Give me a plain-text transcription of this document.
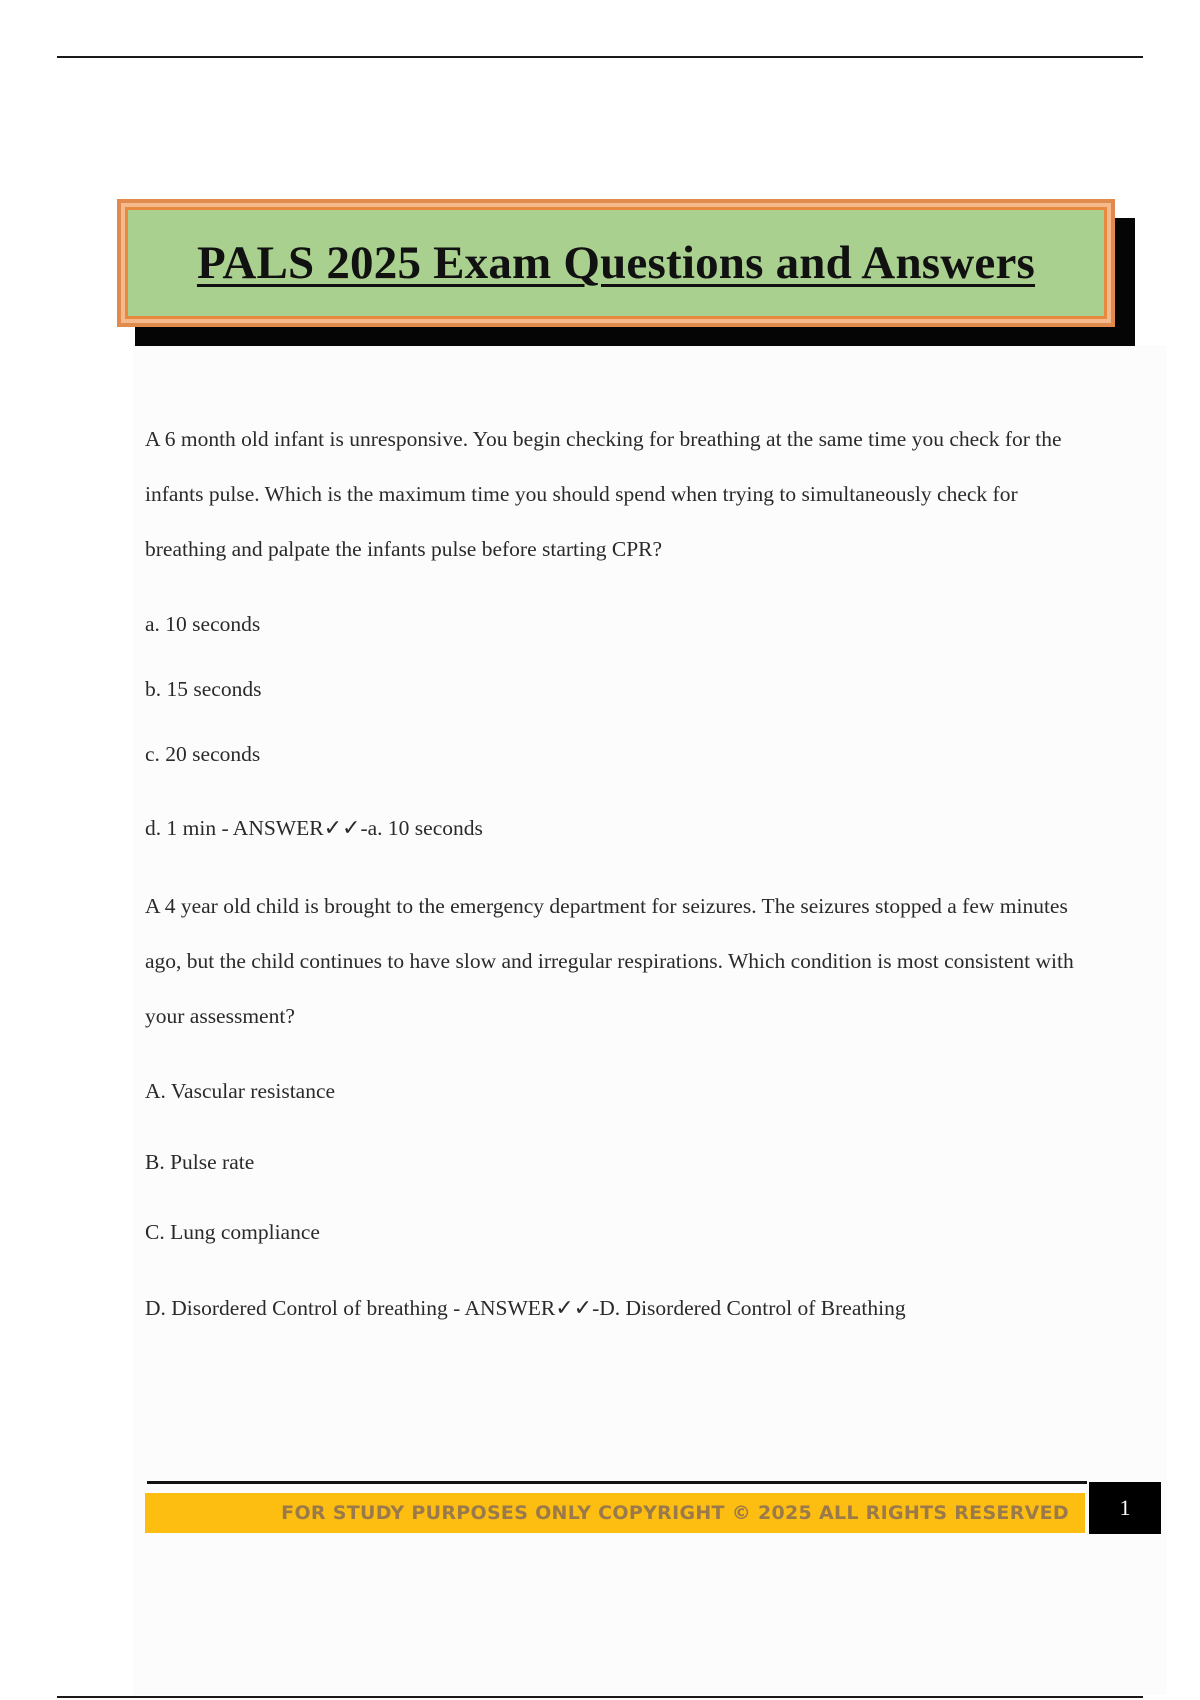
PALS 2025 Exam Questions and Answers

A 6 month old infant is unresponsive. You begin checking for breathing at the same time you check for the infants pulse. Which is the maximum time you should spend when trying to simultaneously check for breathing and palpate the infants pulse before starting CPR?

a. 10 seconds

b. 15 seconds

c. 20 seconds

d. 1 min - ANSWER✓✓-a. 10 seconds

A 4 year old child is brought to the emergency department for seizures. The seizures stopped a few minutes ago, but the child continues to have slow and irregular respirations. Which condition is most consistent with your assessment?

A. Vascular resistance

B. Pulse rate

C. Lung compliance

D. Disordered Control of breathing - ANSWER✓✓-D. Disordered Control of Breathing

FOR STUDY PURPOSES ONLY COPYRIGHT © 2025 ALL RIGHTS RESERVED 1
